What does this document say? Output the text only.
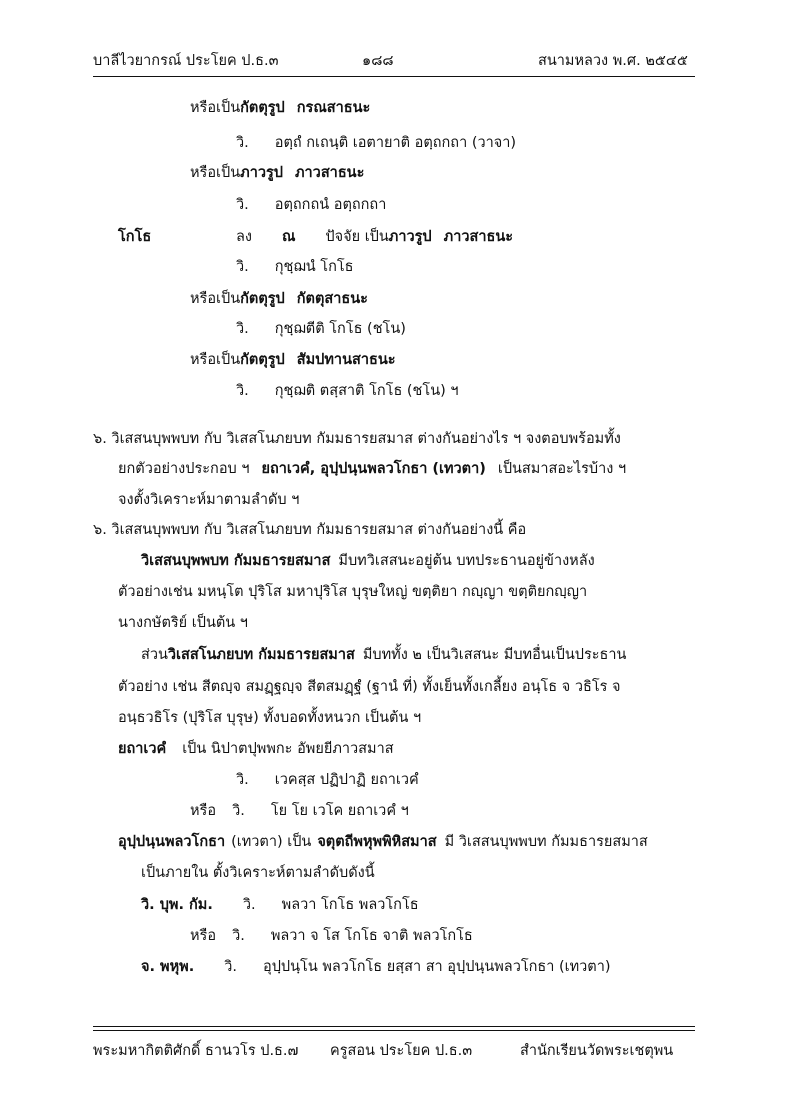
บาลีไวยากรณ์ ประโยค ป.ธ.๓	๑๘๘	สนามหลวง พ.ศ. ๒๕๔๕
หรือเป็นกัตตุรูป กรณสาธนะ
วิ. อตฺถํ กเถนฺติ เอตายาติ อตฺถกถา (วาจา)
หรือเป็นภาวรูป ภาวสาธนะ
วิ. อตฺถกถนํ อตฺถกถา
โกโธ	ลง ณ ปัจจัย เป็นภาวรูป ภาวสาธนะ
วิ. กุชฺฌนํ โกโธ
หรือเป็นกัตตุรูป กัตตุสาธนะ
วิ. กุชฺฌตีติ โกโธ (ชโน)
หรือเป็นกัตตุรูป สัมปทานสาธนะ
วิ. กุชฺฌติ ตสฺสาติ โกโธ (ชโน) ฯ
๖. วิเสสนบุพพบท กับ วิเสสโนภยบท กัมมธารยสมาส ต่างกันอย่างไร ฯ จงตอบพร้อมทั้ง
ยกตัวอย่างประกอบ ฯ ยถาเวคํ, อุปฺปนฺนพลวโกธา (เทวตา) เป็นสมาสอะไรบ้าง ฯ
จงตั้งวิเคราะห์มาตามลำดับ ฯ
๖. วิเสสนบุพพบท กับ วิเสสโนภยบท กัมมธารยสมาส ต่างกันอย่างนี้ คือ
วิเสสนบุพพบท กัมมธารยสมาส มีบทวิเสสนะอยู่ต้น บทประธานอยู่ข้างหลัง
ตัวอย่างเช่น มหนฺโต ปุริโส มหาปุริโส บุรุษใหญ่ ขตฺติยา กญฺญา ขตฺติยกญฺญา
นางกษัตริย์ เป็นต้น ฯ
ส่วนวิเสสโนภยบท กัมมธารยสมาส มีบททั้ง ๒ เป็นวิเสสนะ มีบทอื่นเป็นประธาน
ตัวอย่าง เช่น สีตญฺจ สมฏฺฐญฺจ สีตสมฏฺฐํ (ฐานํ ที่) ทั้งเย็นทั้งเกลี้ยง อนฺโธ จ วธิโร จ
อนฺธวธิโร (ปุริโส บุรุษ) ทั้งบอดทั้งหนวก เป็นต้น ฯ
ยถาเวคํ เป็น นิปาตปุพพกะ อัพยยีภาวสมาส
วิ. เวคสฺส ปฏิปาฏิ ยถาเวคํ
หรือ วิ. โย โย เวโค ยถาเวคํ ฯ
อุปฺปนฺนพลวโกธา (เทวตา) เป็น จตุตถีพหุพพิหิสมาส มี วิเสสนบุพพบท กัมมธารยสมาส
เป็นภายใน ตั้งวิเคราะห์ตามลำดับดังนี้
วิ. บุพ. กัม. วิ. พลวา โกโธ พลวโกโธ
หรือ วิ. พลวา จ โส โกโธ จาติ พลวโกโธ
จ. พหุพ. วิ. อุปฺปนฺโน พลวโกโธ ยสฺสา สา อุปฺปนฺนพลวโกธา (เทวตา)
พระมหากิตติศักดิ์ ธานวโร ป.ธ.๗ ครูสอน ประโยค ป.ธ.๓	สำนักเรียนวัดพระเชตุพน
